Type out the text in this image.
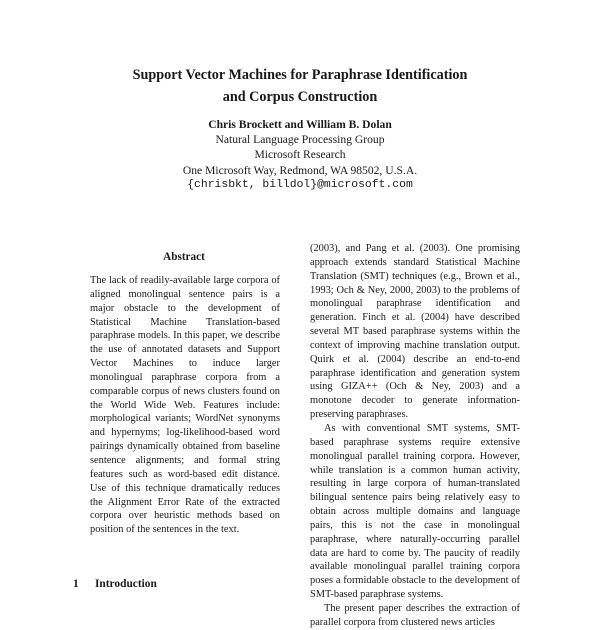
Support Vector Machines for Paraphrase Identification
and Corpus Construction
Chris Brockett and William B. Dolan
Natural Language Processing Group
Microsoft Research
One Microsoft Way, Redmond, WA 98502, U.S.A.
{chrisbkt, billdol}@microsoft.com
Abstract

The lack of readily-available large corpora of aligned monolingual sentence pairs is a major obstacle to the development of Statistical Machine Translation-based paraphrase models. In this paper, we describe the use of annotated datasets and Support Vector Machines to induce larger monolingual paraphrase corpora from a comparable corpus of news clusters found on the World Wide Web. Features include: morphological variants; WordNet synonyms and hypernyms; log-likelihood-based word pairings dynamically obtained from baseline sentence alignments; and formal string features such as word-based edit distance. Use of this technique dramatically reduces the Alignment Error Rate of the extracted corpora over heuristic methods based on position of the sentences in the text.

1 Introduction

(2003), and Pang et al. (2003). One promising approach extends standard Statistical Machine Translation (SMT) techniques (e.g., Brown et al., 1993; Och & Ney, 2000, 2003) to the problems of monolingual paraphrase identification and generation. Finch et al. (2004) have described several MT based paraphrase systems within the context of improving machine translation output. Quirk et al. (2004) describe an end-to-end paraphrase identification and generation system using GIZA++ (Och & Ney, 2003) and a monotone decoder to generate information-preserving paraphrases.

As with conventional SMT systems, SMT-based paraphrase systems require extensive monolingual parallel training corpora. However, while translation is a common human activity, resulting in large corpora of human-translated bilingual sentence pairs being relatively easy to obtain across multiple domains and language pairs, this is not the case in monolingual paraphrase, where naturally-occurring parallel data are hard to come by. The paucity of readily available monolingual parallel training corpora poses a formidable obstacle to the development of SMT-based paraphrase systems.

The present paper describes the extraction of parallel corpora from clustered news articles
